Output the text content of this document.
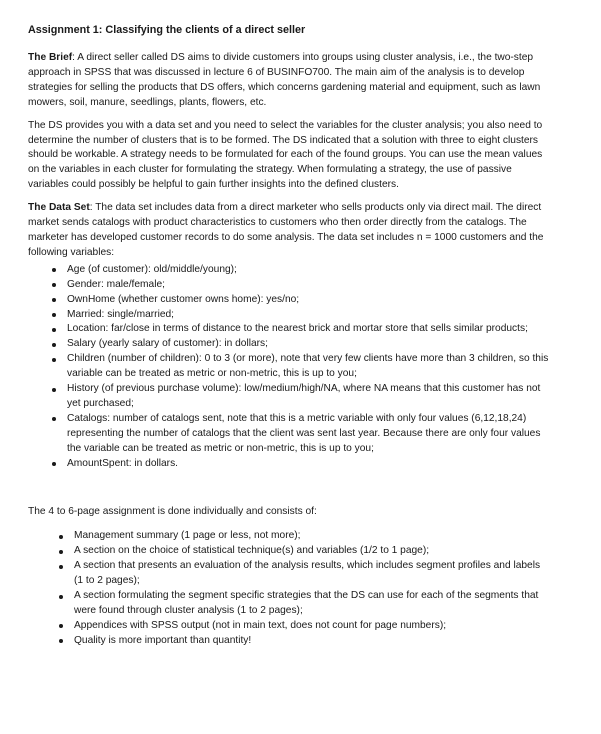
Assignment 1: Classifying the clients of a direct seller

The Brief: A direct seller called DS aims to divide customers into groups using cluster analysis, i.e., the two-step approach in SPSS that was discussed in lecture 6 of BUSINFO700. The main aim of the analysis is to develop strategies for selling the products that DS offers, which concerns gardening material and equipment, such as lawn mowers, soil, manure, seedlings, plants, flowers, etc.

The DS provides you with a data set and you need to select the variables for the cluster analysis; you also need to determine the number of clusters that is to be formed. The DS indicated that a solution with three to eight clusters should be workable. A strategy needs to be formulated for each of the found groups. You can use the mean values on the variables in each cluster for formulating the strategy. When formulating a strategy, the use of passive variables could possibly be helpful to gain further insights into the defined clusters.

The Data Set: The data set includes data from a direct marketer who sells products only via direct mail. The direct market sends catalogs with product characteristics to customers who then order directly from the catalogs. The marketer has developed customer records to do some analysis. The data set includes n = 1000 customers and the following variables:

Age (of customer): old/middle/young);
Gender: male/female;
OwnHome (whether customer owns home): yes/no;
Married: single/married;
Location: far/close in terms of distance to the nearest brick and mortar store that sells similar products;
Salary (yearly salary of customer): in dollars;
Children (number of children): 0 to 3 (or more), note that very few clients have more than 3 children, so this variable can be treated as metric or non-metric, this is up to you;
History (of previous purchase volume): low/medium/high/NA, where NA means that this customer has not yet purchased;
Catalogs: number of catalogs sent, note that this is a metric variable with only four values (6,12,18,24) representing the number of catalogs that the client was sent last year. Because there are only four values the variable can be treated as metric or non-metric, this is up to you;
AmountSpent: in dollars.

The 4 to 6-page assignment is done individually and consists of:

Management summary (1 page or less, not more);
A section on the choice of statistical technique(s) and variables (1/2 to 1 page);
A section that presents an evaluation of the analysis results, which includes segment profiles and labels (1 to 2 pages);
A section formulating the segment specific strategies that the DS can use for each of the segments that were found through cluster analysis (1 to 2 pages);
Appendices with SPSS output (not in main text, does not count for page numbers);
Quality is more important than quantity!
